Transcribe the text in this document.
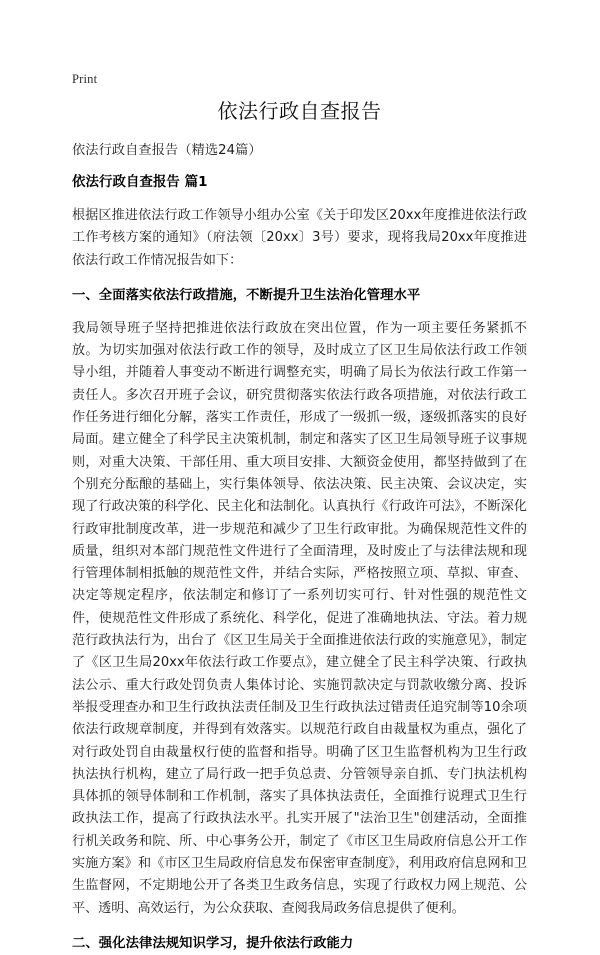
Print
依法行政自查报告

依法行政自查报告（精选24篇）

依法行政自查报告 篇1

根据区推进依法行政工作领导小组办公室《关于印发区20xx年度推进依法行政工作考核方案的通知》（府法领〔20xx〕3号）要求，现将我局20xx年度推进依法行政工作情况报告如下：

一、全面落实依法行政措施，不断提升卫生法治化管理水平

我局领导班子坚持把推进依法行政放在突出位置，作为一项主要任务紧抓不放。为切实加强对依法行政工作的领导，及时成立了区卫生局依法行政工作领导小组，并随着人事变动不断进行调整充实，明确了局长为依法行政工作第一责任人。多次召开班子会议，研究贯彻落实依法行政各项措施，对依法行政工作任务进行细化分解，落实工作责任，形成了一级抓一级，逐级抓落实的良好局面。建立健全了科学民主决策机制，制定和落实了区卫生局领导班子议事规则，对重大决策、干部任用、重大项目安排、大额资金使用，都坚持做到了在个别充分酝酿的基础上，实行集体领导、依法决策、民主决策、会议决定，实现了行政决策的科学化、民主化和法制化。认真执行《行政许可法》，不断深化行政审批制度改革，进一步规范和减少了卫生行政审批。为确保规范性文件的质量，组织对本部门规范性文件进行了全面清理，及时废止了与法律法规和现行管理体制相抵触的规范性文件，并结合实际，严格按照立项、草拟、审查、决定等规定程序，依法制定和修订了一系列切实可行、针对性强的规范性文件，使规范性文件形成了系统化、科学化，促进了准确地执法、守法。着力规范行政执法行为，出台了《区卫生局关于全面推进依法行政的实施意见》，制定了《区卫生局20xx年依法行政工作要点》，建立健全了民主科学决策、行政执法公示、重大行政处罚负责人集体讨论、实施罚款决定与罚款收缴分离、投诉举报受理查办和卫生行政执法责任制及卫生行政执法过错责任追究制等10余项依法行政规章制度，并得到有效落实。以规范行政自由裁量权为重点，强化了对行政处罚自由裁量权行使的监督和指导。明确了区卫生监督机构为卫生行政执法执行机构，建立了局行政一把手负总责、分管领导亲自抓、专门执法机构具体抓的领导体制和工作机制，落实了具体执法责任，全面推行说理式卫生行政执法工作，提高了行政执法水平。扎实开展了"法治卫生"创建活动，全面推行机关政务和院、所、中心事务公开，制定了《市区卫生局政府信息公开工作实施方案》和《市区卫生局政府信息发布保密审查制度》，利用政府信息网和卫生监督网，不定期地公开了各类卫生政务信息，实现了行政权力网上规范、公平、透明、高效运行，为公众获取、查阅我局政务信息提供了便利。

二、强化法律法规知识学习，提升依法行政能力
